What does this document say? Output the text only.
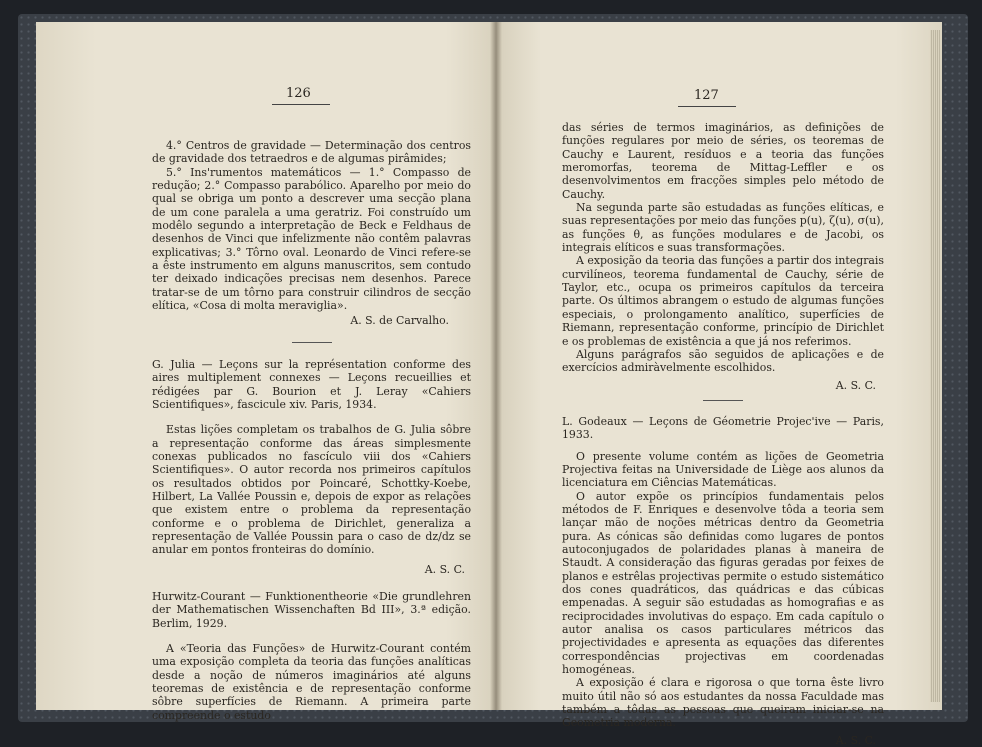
126

4.° Centros de gravidade — Determinação dos centros de gravidade dos tetraedros e de algumas pirâmides;

5.° Ins'rumentos matemáticos — 1.° Compasso de redução; 2.° Compasso parabólico. Aparelho por meio do qual se obriga um ponto a descrever uma secção plana de um cone paralela a uma geratriz. Foi construído um modêlo segundo a interpretação de Beck e Feldhaus de desenhos de Vinci que infelizmente não contêm palavras explicativas; 3.° Tôrno oval. Leonardo de Vinci refere-se a êste instrumento em alguns manuscritos, sem contudo ter deixado indicações precisas nem desenhos. Parece tratar-se de um tôrno para construir cilindros de secção elítica, «Cosa di molta meraviglia».

A. S. de Carvalho.

G. Julia — Leçons sur la représentation conforme des aires multiplement connexes — Leçons recueillies et rédigées par G. Bourion et J. Leray «Cahiers Scientifiques», fascicule xiv. Paris, 1934.

Estas lições completam os trabalhos de G. Julia sôbre a representação conforme das áreas simplesmente conexas publicados no fascículo viii dos «Cahiers Scientifiques». O autor recorda nos primeiros capítulos os resultados obtidos por Poincaré, Schottky-Koebe, Hilbert, La Vallée Poussin e, depois de expor as relações que existem entre o problema da representação conforme e o problema de Dirichlet, generaliza a representação de Vallée Poussin para o caso de dz/dz se anular em pontos fronteiras do domínio.

A. S. C.

Hurwitz-Courant — Funktionentheorie «Die grundlehren der Mathematischen Wissenchaften Bd III», 3.ª edição. Berlim, 1929.

A «Teoria das Funções» de Hurwitz-Courant contém uma exposição completa da teoria das funções analíticas desde a noção de números imaginários até alguns teoremas de existência e de representação conforme sôbre superfícies de Riemann. A primeira parte compreende o estudo

127

das séries de termos imaginários, as definições de funções regulares por meio de séries, os teoremas de Cauchy e Laurent, resíduos e a teoria das funções meromorfas, teorema de Mittag-Leffler e os desenvolvimentos em fracções simples pelo método de Cauchy.

Na segunda parte são estudadas as funções elíticas, e suas representações por meio das funções p(u), ζ(u), σ(u), as funções θ, as funções modulares e de Jacobi, os integrais elíticos e suas transformações.

A exposição da teoria das funções a partir dos integrais curvilíneos, teorema fundamental de Cauchy, série de Taylor, etc., ocupa os primeiros capítulos da terceira parte. Os últimos abrangem o estudo de algumas funções especiais, o prolongamento analítico, superfícies de Riemann, representação conforme, princípio de Dirichlet e os problemas de existência a que já nos referimos.

Alguns parágrafos são seguidos de aplicações e de exercícios admiràvelmente escolhidos.

A. S. C.

L. Godeaux — Leçons de Géometrie Projec'ive — Paris, 1933.

O presente volume contém as lições de Geometria Projectiva feitas na Universidade de Liège aos alunos da licenciatura em Ciências Matemáticas.

O autor expõe os princípios fundamentais pelos métodos de F. Enriques e desenvolve tôda a teoria sem lançar mão de noções métricas dentro da Geometria pura. As cónicas são definidas como lugares de pontos autoconjugados de polaridades planas à maneira de Staudt. A consideração das figuras geradas por feixes de planos e estrêlas projectivas permite o estudo sistemático dos cones quadráticos, das quádricas e das cúbicas empenadas. A seguir são estudadas as homografias e as reciprocidades involutivas do espaço. Em cada capítulo o autor analisa os casos particulares métricos das projectividades e apresenta as equações das diferentes correspondências projectivas em coordenadas homogéneas.

A exposição é clara e rigorosa o que torna êste livro muito útil não só aos estudantes da nossa Faculdade mas também a tôdas as pessoas que queiram iniciar-se na Geometria moderna.

A. S. C.
